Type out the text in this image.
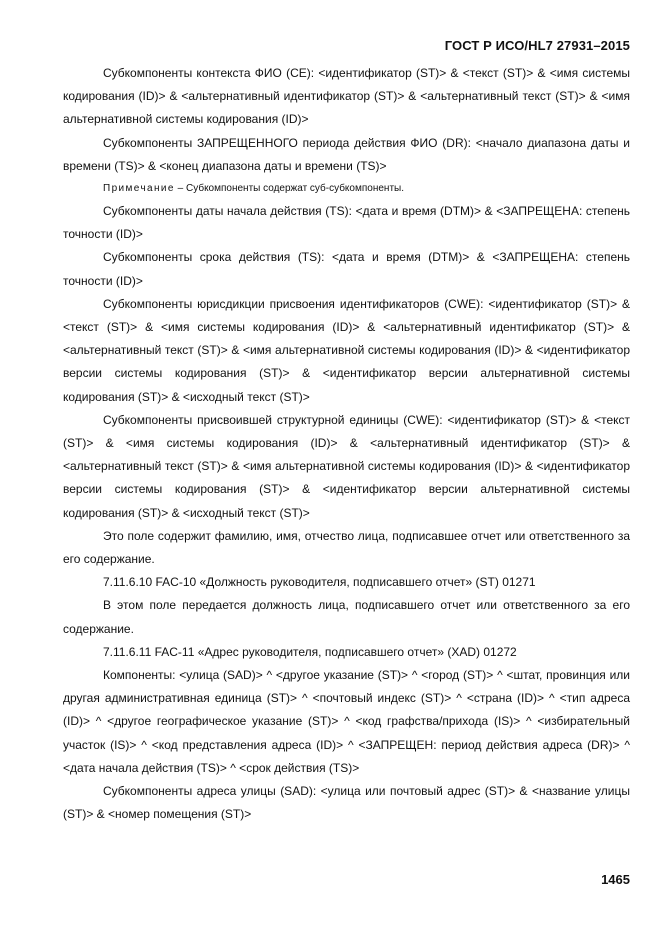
ГОСТ Р ИСО/HL7 27931–2015

Субкомпоненты контекста ФИО (CE): <идентификатор (ST)> & <текст (ST)> & <имя системы кодирования (ID)> & <альтернативный идентификатор (ST)> & <альтернативный текст (ST)> & <имя альтернативной системы кодирования (ID)>

Субкомпоненты ЗАПРЕЩЕННОГО периода действия ФИО (DR): <начало диапазона даты и времени (TS)> & <конец диапазона даты и времени (TS)>

Примечание – Субкомпоненты содержат суб-субкомпоненты.

Субкомпоненты даты начала действия (TS): <дата и время (DTM)> & <ЗАПРЕЩЕНА: степень точности (ID)>

Субкомпоненты срока действия (TS): <дата и время (DTM)> & <ЗАПРЕЩЕНА: степень точности (ID)>

Субкомпоненты юрисдикции присвоения идентификаторов (CWE): <идентификатор (ST)> & <текст (ST)> & <имя системы кодирования (ID)> & <альтернативный идентификатор (ST)> & <альтернативный текст (ST)> & <имя альтернативной системы кодирования (ID)> & <идентификатор версии системы кодирования (ST)> & <идентификатор версии альтернативной системы кодирования (ST)> & <исходный текст (ST)>

Субкомпоненты присвоившей структурной единицы (CWE): <идентификатор (ST)> & <текст (ST)> & <имя системы кодирования (ID)> & <альтернативный идентификатор (ST)> & <альтернативный текст (ST)> & <имя альтернативной системы кодирования (ID)> & <идентификатор версии системы кодирования (ST)> & <идентификатор версии альтернативной системы кодирования (ST)> & <исходный текст (ST)>

Это поле содержит фамилию, имя, отчество лица, подписавшее отчет или ответственного за его содержание.

7.11.6.10 FAC-10 «Должность руководителя, подписавшего отчет» (ST) 01271

В этом поле передается должность лица, подписавшего отчет или ответственного за его содержание.

7.11.6.11 FAC-11 «Адрес руководителя, подписавшего отчет» (XAD) 01272

Компоненты: <улица (SAD)> ^ <другое указание (ST)> ^ <город (ST)> ^ <штат, провинция или другая административная единица (ST)> ^ <почтовый индекс (ST)> ^ <страна (ID)> ^ <тип адреса (ID)> ^ <другое географическое указание (ST)> ^ <код графства/прихода (IS)> ^ <избирательный участок (IS)> ^ <код представления адреса (ID)> ^ <ЗАПРЕЩЕН: период действия адреса (DR)> ^ <дата начала действия (TS)> ^ <срок действия (TS)>

Субкомпоненты адреса улицы (SAD): <улица или почтовый адрес (ST)> & <название улицы (ST)> & <номер помещения (ST)>

1465
